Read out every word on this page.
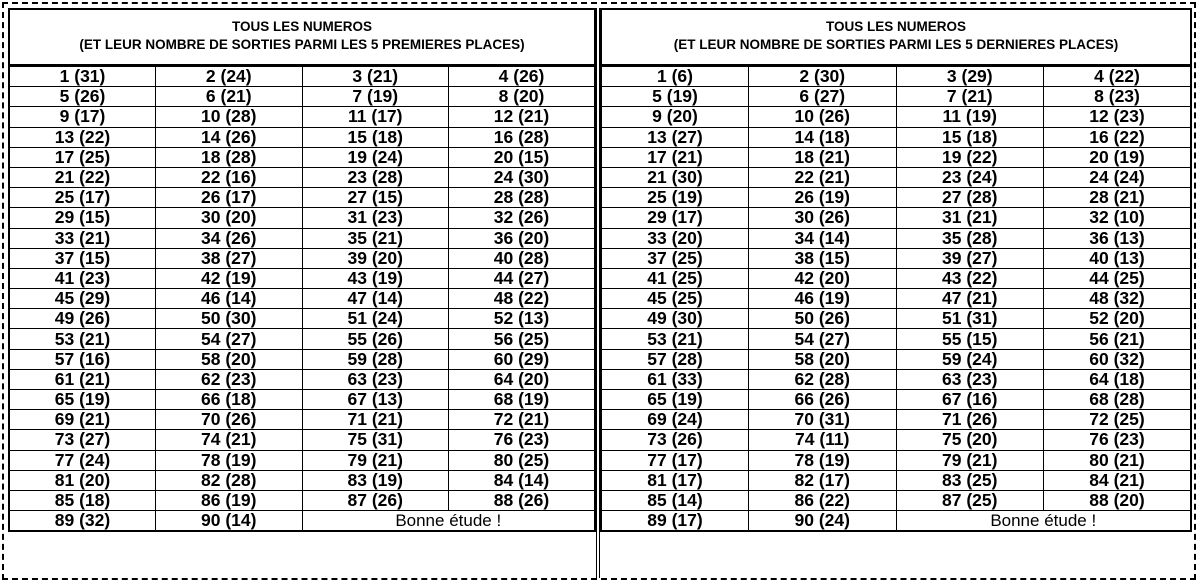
TOUS LES NUMEROS
(ET LEUR NOMBRE DE SORTIES PARMI LES 5 PREMIERES PLACES)
1 (31)	2 (24)	3 (21)	4 (26)
5 (26)	6 (21)	7 (19)	8 (20)
9 (17)	10 (28)	11 (17)	12 (21)
13 (22)	14 (26)	15 (18)	16 (28)
17 (25)	18 (28)	19 (24)	20 (15)
21 (22)	22 (16)	23 (28)	24 (30)
25 (17)	26 (17)	27 (15)	28 (28)
29 (15)	30 (20)	31 (23)	32 (26)
33 (21)	34 (26)	35 (21)	36 (20)
37 (15)	38 (27)	39 (20)	40 (28)
41 (23)	42 (19)	43 (19)	44 (27)
45 (29)	46 (14)	47 (14)	48 (22)
49 (26)	50 (30)	51 (24)	52 (13)
53 (21)	54 (27)	55 (26)	56 (25)
57 (16)	58 (20)	59 (28)	60 (29)
61 (21)	62 (23)	63 (23)	64 (20)
65 (19)	66 (18)	67 (13)	68 (19)
69 (21)	70 (26)	71 (21)	72 (21)
73 (27)	74 (21)	75 (31)	76 (23)
77 (24)	78 (19)	79 (21)	80 (25)
81 (20)	82 (28)	83 (19)	84 (14)
85 (18)	86 (19)	87 (26)	88 (26)
89 (32)	90 (14)	Bonne étude !	
TOUS LES NUMEROS
(ET LEUR NOMBRE DE SORTIES PARMI LES 5 DERNIERES PLACES)
1 (6)	2 (30)	3 (29)	4 (22)
5 (19)	6 (27)	7 (21)	8 (23)
9 (20)	10 (26)	11 (19)	12 (23)
13 (27)	14 (18)	15 (18)	16 (22)
17 (21)	18 (21)	19 (22)	20 (19)
21 (30)	22 (21)	23 (24)	24 (24)
25 (19)	26 (19)	27 (28)	28 (21)
29 (17)	30 (26)	31 (21)	32 (10)
33 (20)	34 (14)	35 (28)	36 (13)
37 (25)	38 (15)	39 (27)	40 (13)
41 (25)	42 (20)	43 (22)	44 (25)
45 (25)	46 (19)	47 (21)	48 (32)
49 (30)	50 (26)	51 (31)	52 (20)
53 (21)	54 (27)	55 (15)	56 (21)
57 (28)	58 (20)	59 (24)	60 (32)
61 (33)	62 (28)	63 (23)	64 (18)
65 (19)	66 (26)	67 (16)	68 (28)
69 (24)	70 (31)	71 (26)	72 (25)
73 (26)	74 (11)	75 (20)	76 (23)
77 (17)	78 (19)	79 (21)	80 (21)
81 (17)	82 (17)	83 (25)	84 (21)
85 (14)	86 (22)	87 (25)	88 (20)
89 (17)	90 (24)	Bonne étude !	
